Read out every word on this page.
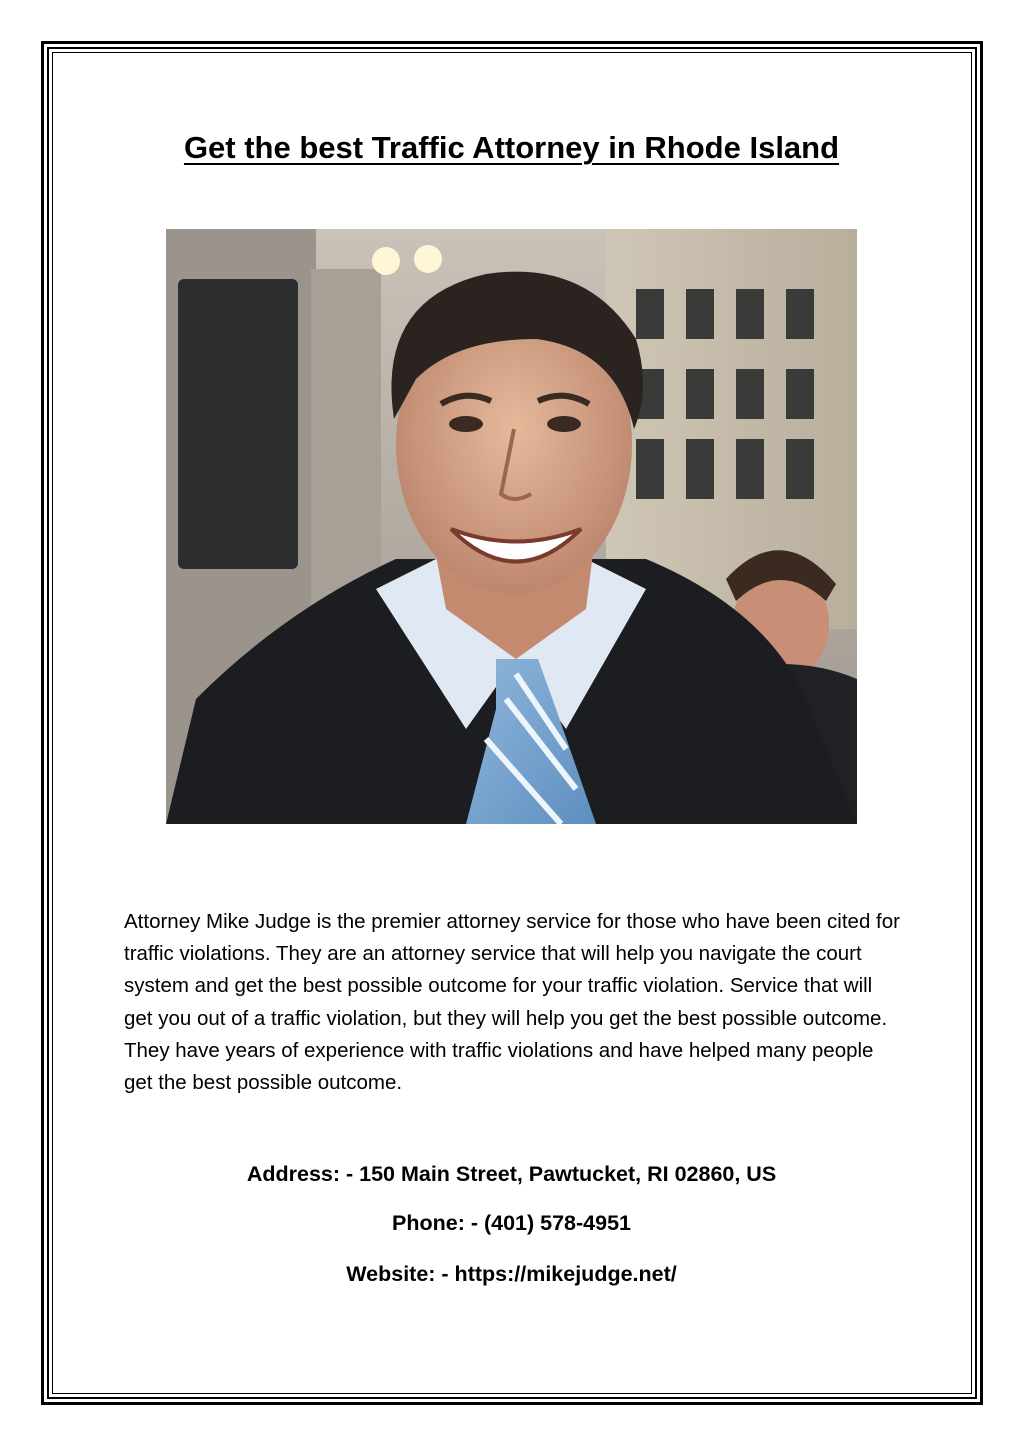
Get the best Traffic Attorney in Rhode Island

Attorney Mike Judge is the premier attorney service for those who have been cited for traffic violations. They are an attorney service that will help you navigate the court system and get the best possible outcome for your traffic violation. Service that will get you out of a traffic violation, but they will help you get the best possible outcome. They have years of experience with traffic violations and have helped many people get the best possible outcome.

Address: - 150 Main Street, Pawtucket, RI 02860, US

Phone: - (401) 578-4951

Website: - https://mikejudge.net/
